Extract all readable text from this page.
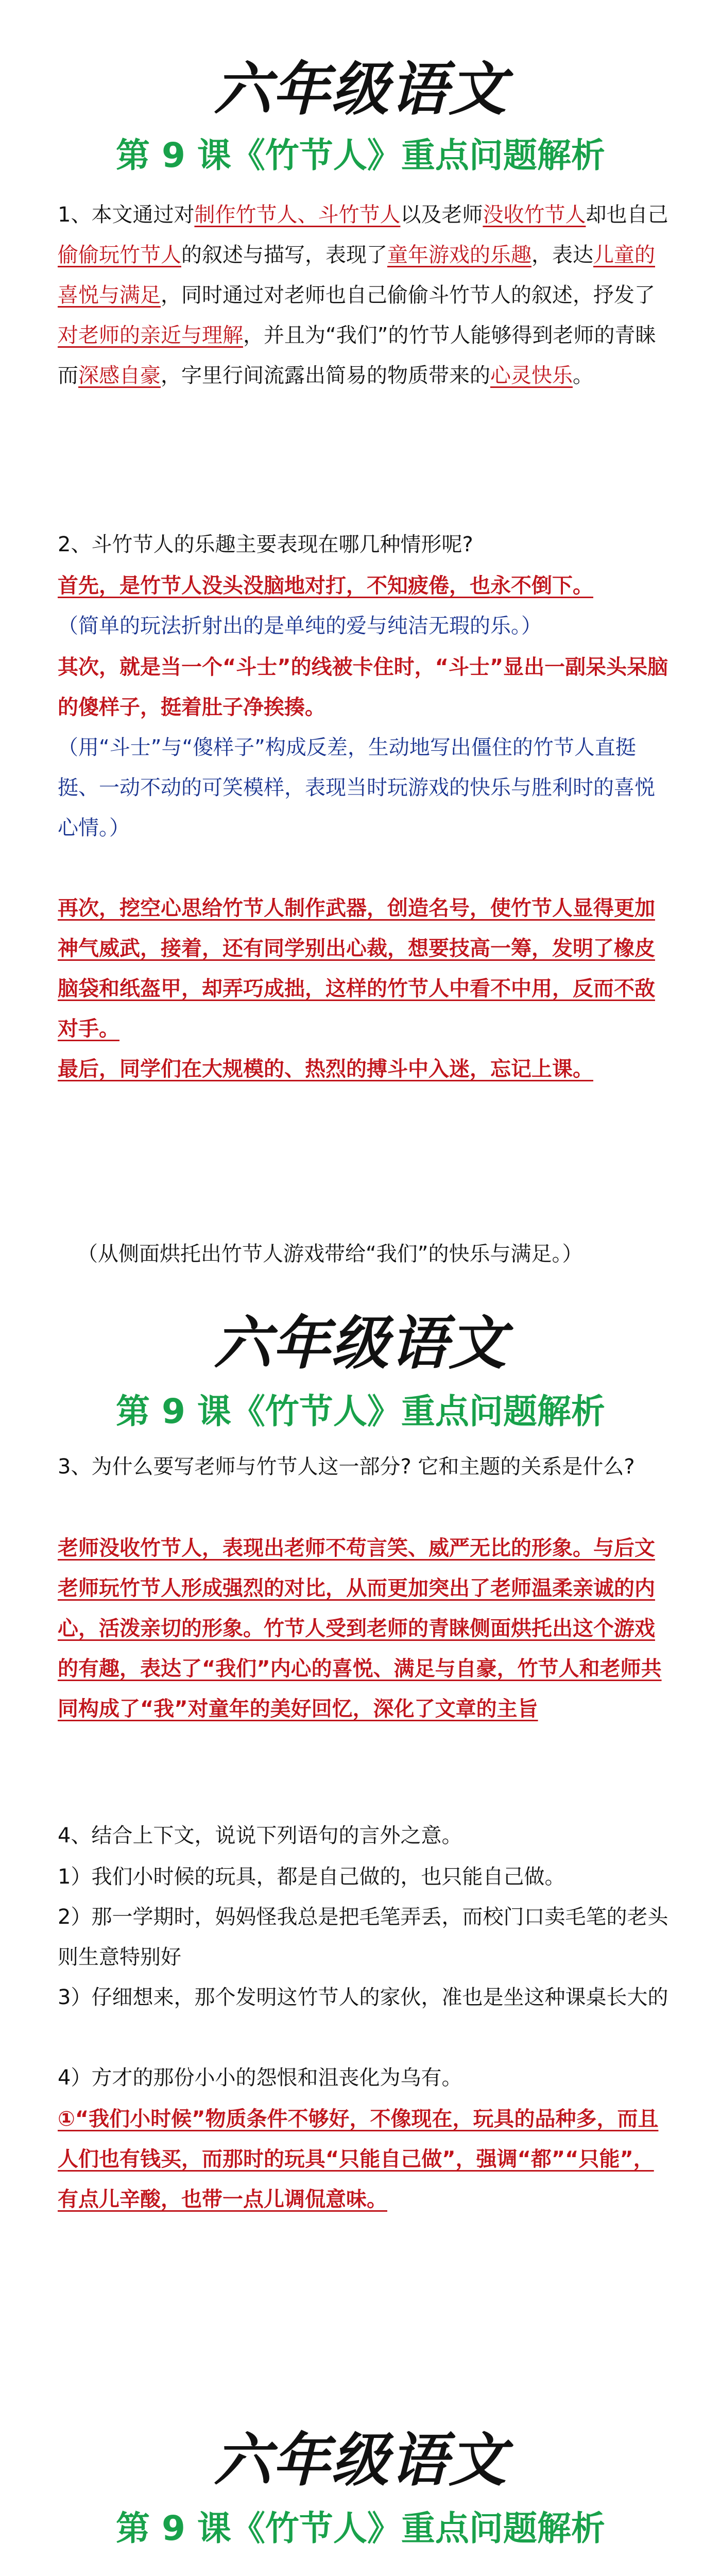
六年级语文
第 9 课《竹节人》重点问题解析
1、本文通过对制作竹节人、斗竹节人以及老师没收竹节人却也自己偷偷玩竹节人的叙述与描写，表现了童年游戏的乐趣，表达儿童的喜悦与满足，同时通过对老师也自己偷偷斗竹节人的叙述，抒发了对老师的亲近与理解，并且为“我们”的竹节人能够得到老师的青睐而深感自豪，字里行间流露出简易的物质带来的心灵快乐。
2、斗竹节人的乐趣主要表现在哪几种情形呢?
首先，是竹节人没头没脑地对打，不知疲倦，也永不倒下。
（简单的玩法折射出的是单纯的爱与纯洁无瑕的乐。）
其次，就是当一个“斗士”的线被卡住时，“斗士”显出一副呆头呆脑的傻样子，挺着肚子净挨揍。
（用“斗士”与“傻样子”构成反差，生动地写出僵住的竹节人直挺挺、一动不动的可笑模样，表现当时玩游戏的快乐与胜利时的喜悦心情。）
再次，挖空心思给竹节人制作武器，创造名号，使竹节人显得更加神气威武，接着，还有同学别出心裁，想要技高一筹，发明了橡皮脑袋和纸盔甲，却弄巧成拙，这样的竹节人中看不中用，反而不敌对手。
最后，同学们在大规模的、热烈的搏斗中入迷，忘记上课。
（从侧面烘托出竹节人游戏带给“我们”的快乐与满足。）
六年级语文
第 9 课《竹节人》重点问题解析
3、为什么要写老师与竹节人这一部分? 它和主题的关系是什么?
老师没收竹节人，表现出老师不苟言笑、威严无比的形象。与后文老师玩竹节人形成强烈的对比，从而更加突出了老师温柔亲诚的内心，活泼亲切的形象。竹节人受到老师的青睐侧面烘托出这个游戏的有趣，表达了“我们”内心的喜悦、满足与自豪，竹节人和老师共同构成了“我”对童年的美好回忆，深化了文章的主旨
4、结合上下文，说说下列语句的言外之意。
1）我们小时候的玩具，都是自己做的，也只能自己做。
2）那一学期时，妈妈怪我总是把毛笔弄丢，而校门口卖毛笔的老头则生意特别好
3）仔细想来，那个发明这竹节人的家伙，准也是坐这种课桌长大的
4）方才的那份小小的怨恨和沮丧化为乌有。
①“我们小时候”物质条件不够好，不像现在，玩具的品种多，而且人们也有钱买，而那时的玩具“只能自己做”，强调“都”“只能”，有点儿辛酸，也带一点儿调侃意味。
六年级语文
第 9 课《竹节人》重点问题解析
